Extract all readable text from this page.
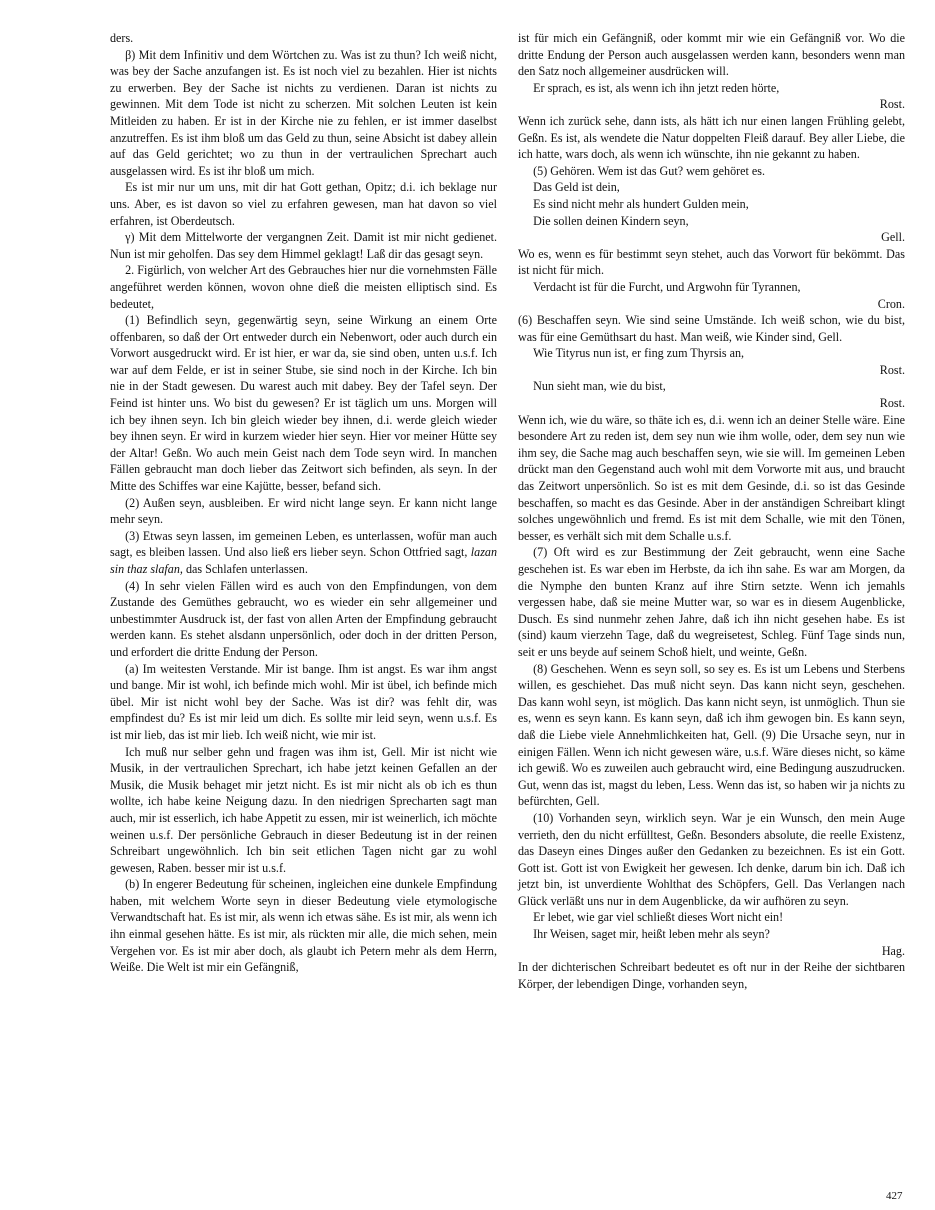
ders.

β) Mit dem Infinitiv und dem Wörtchen zu. Was ist zu thun? Ich weiß nicht, was bey der Sache anzufangen ist. Es ist noch viel zu bezahlen. Hier ist nichts zu erwerben. Bey der Sache ist nichts zu verdienen. Daran ist nichts zu gewinnen. Mit dem Tode ist nicht zu scherzen. Mit solchen Leuten ist kein Mitleiden zu haben. Er ist in der Kirche nie zu fehlen, er ist immer daselbst anzutreffen. Es ist ihm bloß um das Geld zu thun, seine Absicht ist dabey allein auf das Geld gerichtet; wo zu thun in der vertraulichen Sprechart auch ausgelassen wird. Es ist ihr bloß um mich.

Es ist mir nur um uns, mit dir hat Gott gethan, Opitz; d.i. ich beklage nur uns. Aber, es ist davon so viel zu erfahren gewesen, man hat davon so viel erfahren, ist Oberdeutsch.

γ) Mit dem Mittelworte der vergangnen Zeit. Damit ist mir nicht gedienet. Nun ist mir geholfen. Das sey dem Himmel geklagt! Laß dir das gesagt seyn.

2. Figürlich, von welcher Art des Gebrauches hier nur die vornehmsten Fälle angeführet werden können, wovon ohne dieß die meisten elliptisch sind. Es bedeutet,

(1) Befindlich seyn, gegenwärtig seyn, seine Wirkung an einem Orte offenbaren, so daß der Ort entweder durch ein Nebenwort, oder auch durch ein Vorwort ausgedruckt wird. Er ist hier, er war da, sie sind oben, unten u.s.f. Ich war auf dem Felde, er ist in seiner Stube, sie sind noch in der Kirche. Ich bin nie in der Stadt gewesen. Du warest auch mit dabey. Bey der Tafel seyn. Der Feind ist hinter uns. Wo bist du gewesen? Er ist täglich um uns. Morgen will ich bey ihnen seyn. Ich bin gleich wieder bey ihnen, d.i. werde gleich wieder bey ihnen seyn. Er wird in kurzem wieder hier seyn. Hier vor meiner Hütte sey der Altar! Geßn. Wo auch mein Geist nach dem Tode seyn wird. In manchen Fällen gebraucht man doch lieber das Zeitwort sich befinden, als seyn. In der Mitte des Schiffes war eine Kajütte, besser, befand sich.

(2) Außen seyn, ausbleiben. Er wird nicht lange seyn. Er kann nicht lange mehr seyn.

(3) Etwas seyn lassen, im gemeinen Leben, es unterlassen, wofür man auch sagt, es bleiben lassen. Und also ließ ers lieber seyn. Schon Ottfried sagt, lazan sin thaz slafan, das Schlafen unterlassen.

(4) In sehr vielen Fällen wird es auch von den Empfindungen, von dem Zustande des Gemüthes gebraucht, wo es wieder ein sehr allgemeiner und unbestimmter Ausdruck ist, der fast von allen Arten der Empfindung gebraucht werden kann. Es stehet alsdann unpersönlich, oder doch in der dritten Person, und erfordert die dritte Endung der Person.

(a) Im weitesten Verstande. Mir ist bange. Ihm ist angst. Es war ihm angst und bange. Mir ist wohl, ich befinde mich wohl. Mir ist übel, ich befinde mich übel. Mir ist nicht wohl bey der Sache. Was ist dir? was fehlt dir, was empfindest du? Es ist mir leid um dich. Es sollte mir leid seyn, wenn u.s.f. Es ist mir lieb, das ist mir lieb. Ich weiß nicht, wie mir ist.

Ich muß nur selber gehn und fragen was ihm ist, Gell. Mir ist nicht wie Musik, in der vertraulichen Sprechart, ich habe jetzt keinen Gefallen an der Musik, die Musik behaget mir jetzt nicht. Es ist mir nicht als ob ich es thun wollte, ich habe keine Neigung dazu. In den niedrigen Sprecharten sagt man auch, mir ist esserlich, ich habe Appetit zu essen, mir ist weinerlich, ich möchte weinen u.s.f. Der persönliche Gebrauch in dieser Bedeutung ist in der reinen Schreibart ungewöhnlich. Ich bin seit etlichen Tagen nicht gar zu wohl gewesen, Raben. besser mir ist u.s.f.

(b) In engerer Bedeutung für scheinen, ingleichen eine dunkele Empfindung haben, mit welchem Worte seyn in dieser Bedeutung viele etymologische Verwandtschaft hat. Es ist mir, als wenn ich etwas sähe. Es ist mir, als wenn ich ihn einmal gesehen hätte. Es ist mir, als rückten mir alle, die mich sehen, mein Vergehen vor. Es ist mir aber doch, als glaubt ich Petern mehr als dem Herrn, Weiße. Die Welt ist mir ein Gefängniß,

ist für mich ein Gefängniß, oder kommt mir wie ein Gefängniß vor. Wo die dritte Endung der Person auch ausgelassen werden kann, besonders wenn man den Satz noch allgemeiner ausdrücken will.

Er sprach, es ist, als wenn ich ihn jetzt reden hörte,

Rost.

Wenn ich zurück sehe, dann ists, als hätt ich nur einen langen Frühling gelebt, Geßn. Es ist, als wendete die Natur doppelten Fleiß darauf. Bey aller Liebe, die ich hatte, wars doch, als wenn ich wünschte, ihn nie gekannt zu haben.

(5) Gehören. Wem ist das Gut? wem gehöret es.

Das Geld ist dein,

Es sind nicht mehr als hundert Gulden mein,

Die sollen deinen Kindern seyn,

Gell.

Wo es, wenn es für bestimmt seyn stehet, auch das Vorwort für bekömmt. Das ist nicht für mich.

Verdacht ist für die Furcht, und Argwohn für Tyrannen,

Cron.

(6) Beschaffen seyn. Wie sind seine Umstände. Ich weiß schon, wie du bist, was für eine Gemüthsart du hast. Man weiß, wie Kinder sind, Gell.

Wie Tityrus nun ist, er fing zum Thyrsis an,

Rost.

Nun sieht man, wie du bist,

Rost.

Wenn ich, wie du wäre, so thäte ich es, d.i. wenn ich an deiner Stelle wäre. Eine besondere Art zu reden ist, dem sey nun wie ihm wolle, oder, dem sey nun wie ihm sey, die Sache mag auch beschaffen seyn, wie sie will. Im gemeinen Leben drückt man den Gegenstand auch wohl mit dem Vorworte mit aus, und braucht das Zeitwort unpersönlich. So ist es mit dem Gesinde, d.i. so ist das Gesinde beschaffen, so macht es das Gesinde. Aber in der anständigen Schreibart klingt solches ungewöhnlich und fremd. Es ist mit dem Schalle, wie mit den Tönen, besser, es verhält sich mit dem Schalle u.s.f.

(7) Oft wird es zur Bestimmung der Zeit gebraucht, wenn eine Sache geschehen ist. Es war eben im Herbste, da ich ihn sahe. Es war am Morgen, da die Nymphe den bunten Kranz auf ihre Stirn setzte. Wenn ich jemahls vergessen habe, daß sie meine Mutter war, so war es in diesem Augenblicke, Dusch. Es sind nunmehr zehen Jahre, daß ich ihn nicht gesehen habe. Es ist (sind) kaum vierzehn Tage, daß du wegreisetest, Schleg. Fünf Tage sinds nun, seit er uns beyde auf seinem Schoß hielt, und weinte, Geßn.

(8) Geschehen. Wenn es seyn soll, so sey es. Es ist um Lebens und Sterbens willen, es geschiehet. Das muß nicht seyn. Das kann nicht seyn, geschehen. Das kann wohl seyn, ist möglich. Das kann nicht seyn, ist unmöglich. Thun sie es, wenn es seyn kann. Es kann seyn, daß ich ihm gewogen bin. Es kann seyn, daß die Liebe viele Annehmlichkeiten hat, Gell. (9) Die Ursache seyn, nur in einigen Fällen. Wenn ich nicht gewesen wäre, u.s.f. Wäre dieses nicht, so käme ich gewiß. Wo es zuweilen auch gebraucht wird, eine Bedingung auszudrucken. Gut, wenn das ist, magst du leben, Less. Wenn das ist, so haben wir ja nichts zu befürchten, Gell.

(10) Vorhanden seyn, wirklich seyn. War je ein Wunsch, den mein Auge verrieth, den du nicht erfülltest, Geßn. Besonders absolute, die reelle Existenz, das Daseyn eines Dinges außer den Gedanken zu bezeichnen. Es ist ein Gott. Gott ist. Gott ist von Ewigkeit her gewesen. Ich denke, darum bin ich. Daß ich jetzt bin, ist unverdiente Wohlthat des Schöpfers, Gell. Das Verlangen nach Glück verläßt uns nur in dem Augenblicke, da wir aufhören zu seyn.

Er lebet, wie gar viel schließt dieses Wort nicht ein!

Ihr Weisen, saget mir, heißt leben mehr als seyn?

Hag.

In der dichterischen Schreibart bedeutet es oft nur in der Reihe der sichtbaren Körper, der lebendigen Dinge, vorhanden seyn,

427
